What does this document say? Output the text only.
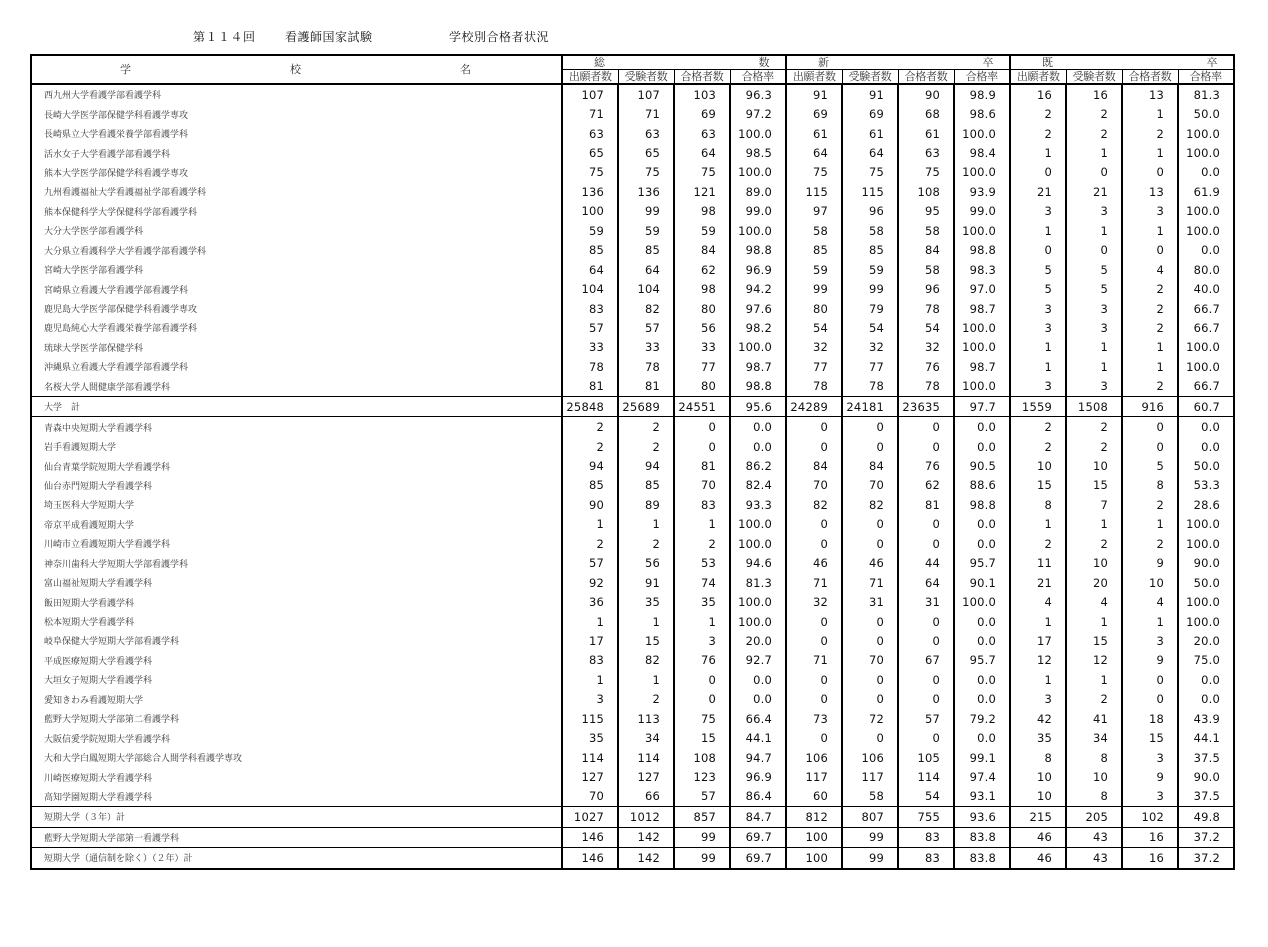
第１１４回 看護師国家試験	学校別合格者状況
学 校 名	総 数				新 卒				既 卒			
	出願者数	受験者数	合格者数	合格率	出願者数	受験者数	合格者数	合格率	出願者数	受験者数	合格者数	合格率
西九州大学看護学部看護学科	107	107	103	96.3	91	91	90	98.9	16	16	13	81.3
長崎大学医学部保健学科看護学専攻	71	71	69	97.2	69	69	68	98.6	2	2	1	50.0
長崎県立大学看護栄養学部看護学科	63	63	63	100.0	61	61	61	100.0	2	2	2	100.0
活水女子大学看護学部看護学科	65	65	64	98.5	64	64	63	98.4	1	1	1	100.0
熊本大学医学部保健学科看護学専攻	75	75	75	100.0	75	75	75	100.0	0	0	0	0.0
九州看護福祉大学看護福祉学部看護学科	136	136	121	89.0	115	115	108	93.9	21	21	13	61.9
熊本保健科学大学保健科学部看護学科	100	99	98	99.0	97	96	95	99.0	3	3	3	100.0
大分大学医学部看護学科	59	59	59	100.0	58	58	58	100.0	1	1	1	100.0
大分県立看護科学大学看護学部看護学科	85	85	84	98.8	85	85	84	98.8	0	0	0	0.0
宮崎大学医学部看護学科	64	64	62	96.9	59	59	58	98.3	5	5	4	80.0
宮崎県立看護大学看護学部看護学科	104	104	98	94.2	99	99	96	97.0	5	5	2	40.0
鹿児島大学医学部保健学科看護学専攻	83	82	80	97.6	80	79	78	98.7	3	3	2	66.7
鹿児島純心大学看護栄養学部看護学科	57	57	56	98.2	54	54	54	100.0	3	3	2	66.7
琉球大学医学部保健学科	33	33	33	100.0	32	32	32	100.0	1	1	1	100.0
沖縄県立看護大学看護学部看護学科	78	78	77	98.7	77	77	76	98.7	1	1	1	100.0
名桜大学人間健康学部看護学科	81	81	80	98.8	78	78	78	100.0	3	3	2	66.7
大学　計	25848	25689	24551	95.6	24289	24181	23635	97.7	1559	1508	916	60.7
青森中央短期大学看護学科	2	2	0	0.0	0	0	0	0.0	2	2	0	0.0
岩手看護短期大学	2	2	0	0.0	0	0	0	0.0	2	2	0	0.0
仙台青葉学院短期大学看護学科	94	94	81	86.2	84	84	76	90.5	10	10	5	50.0
仙台赤門短期大学看護学科	85	85	70	82.4	70	70	62	88.6	15	15	8	53.3
埼玉医科大学短期大学	90	89	83	93.3	82	82	81	98.8	8	7	2	28.6
帝京平成看護短期大学	1	1	1	100.0	0	0	0	0.0	1	1	1	100.0
川崎市立看護短期大学看護学科	2	2	2	100.0	0	0	0	0.0	2	2	2	100.0
神奈川歯科大学短期大学部看護学科	57	56	53	94.6	46	46	44	95.7	11	10	9	90.0
富山福祉短期大学看護学科	92	91	74	81.3	71	71	64	90.1	21	20	10	50.0
飯田短期大学看護学科	36	35	35	100.0	32	31	31	100.0	4	4	4	100.0
松本短期大学看護学科	1	1	1	100.0	0	0	0	0.0	1	1	1	100.0
岐阜保健大学短期大学部看護学科	17	15	3	20.0	0	0	0	0.0	17	15	3	20.0
平成医療短期大学看護学科	83	82	76	92.7	71	70	67	95.7	12	12	9	75.0
大垣女子短期大学看護学科	1	1	0	0.0	0	0	0	0.0	1	1	0	0.0
愛知きわみ看護短期大学	3	2	0	0.0	0	0	0	0.0	3	2	0	0.0
藍野大学短期大学部第二看護学科	115	113	75	66.4	73	72	57	79.2	42	41	18	43.9
大阪信愛学院短期大学看護学科	35	34	15	44.1	0	0	0	0.0	35	34	15	44.1
大和大学白鳳短期大学部総合人間学科看護学専攻	114	114	108	94.7	106	106	105	99.1	8	8	3	37.5
川崎医療短期大学看護学科	127	127	123	96.9	117	117	114	97.4	10	10	9	90.0
高知学園短期大学看護学科	70	66	57	86.4	60	58	54	93.1	10	8	3	37.5
短期大学（３年）計	1027	1012	857	84.7	812	807	755	93.6	215	205	102	49.8
藍野大学短期大学部第一看護学科	146	142	99	69.7	100	99	83	83.8	46	43	16	37.2
短期大学（通信制を除く）（２年）計	146	142	99	69.7	100	99	83	83.8	46	43	16	37.2
